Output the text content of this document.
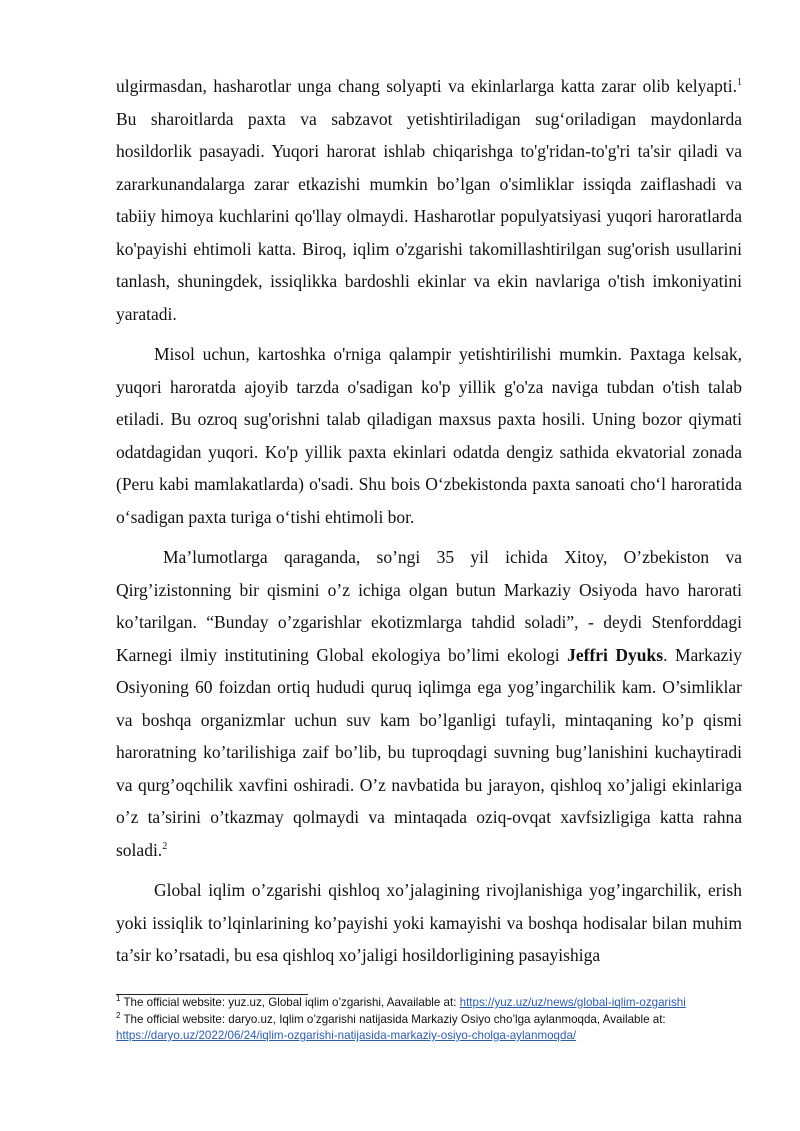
ulgirmasdan, hasharotlar unga chang solyapti va ekinlarlarga katta zarar olib kelyapti.$^1$ Bu sharoitlarda paxta va sabzavot yetishtiriladigan sug‘oriladigan maydonlarda hosildorlik pasayadi. Yuqori harorat ishlab chiqarishga to'g'ridan-to'g'ri ta'sir qiladi va zararkunandalarga zarar etkazishi mumkin bo’lgan o'simliklar issiqda zaiflashadi va tabiiy himoya kuchlarini qo'llay olmaydi. Hasharotlar populyatsiyasi yuqori haroratlarda ko'payishi ehtimoli katta. Biroq, iqlim o'zgarishi takomillashtirilgan sug'orish usullarini tanlash, shuningdek, issiqlikka bardoshli ekinlar va ekin navlariga o'tish imkoniyatini yaratadi.

Misol uchun, kartoshka o'rniga qalampir yetishtirilishi mumkin. Paxtaga kelsak, yuqori haroratda ajoyib tarzda o'sadigan ko'p yillik g'o'za naviga tubdan o'tish talab etiladi. Bu ozroq sug'orishni talab qiladigan maxsus paxta hosili. Uning bozor qiymati odatdagidan yuqori. Ko'p yillik paxta ekinlari odatda dengiz sathida ekvatorial zonada (Peru kabi mamlakatlarda) o'sadi. Shu bois O‘zbekistonda paxta sanoati cho‘l haroratida o‘sadigan paxta turiga o‘tishi ehtimoli bor.

Ma’lumotlarga qaraganda, so’ngi 35 yil ichida Xitoy, O’zbekiston va Qirg’izistonning bir qismini o’z ichiga olgan butun Markaziy Osiyoda havo harorati ko’tarilgan. “Bunday o’zgarishlar ekotizmlarga tahdid soladi”, - deydi Stenforddagi Karnegi ilmiy institutining Global ekologiya bo’limi ekologi Jeffri Dyuks. Markaziy Osiyoning 60 foizdan ortiq hududi quruq iqlimga ega yog’ingarchilik kam. O’simliklar va boshqa organizmlar uchun suv kam bo’lganligi tufayli, mintaqaning ko’p qismi haroratning ko’tarilishiga zaif bo’lib, bu tuproqdagi suvning bug’lanishini kuchaytiradi va qurg’oqchilik xavfini oshiradi. O’z navbatida bu jarayon, qishloq xo’jaligi ekinlariga o’z ta’sirini o’tkazmay qolmaydi va mintaqada oziq-ovqat xavfsizligiga katta rahna soladi.$^2$

Global iqlim o’zgarishi qishloq xo’jalagining rivojlanishiga yog’ingarchilik, erish yoki issiqlik to’lqinlarining ko’payishi yoki kamayishi va boshqa hodisalar bilan muhim ta’sir ko’rsatadi, bu esa qishloq xo’jaligi hosildorligining pasayishiga

$^1$ The official website: yuz.uz, Global iqlim o’zgarishi, Aavailable at: https://yuz.uz/uz/news/global-iqlim-ozgarishi

$^2$ The official website: daryo.uz, Iqlim o’zgarishi natijasida Markaziy Osiyo cho’lga aylanmoqda, Available at:

https://daryo.uz/2022/06/24/iqlim-ozgarishi-natijasida-markaziy-osiyo-cholga-aylanmoqda/
